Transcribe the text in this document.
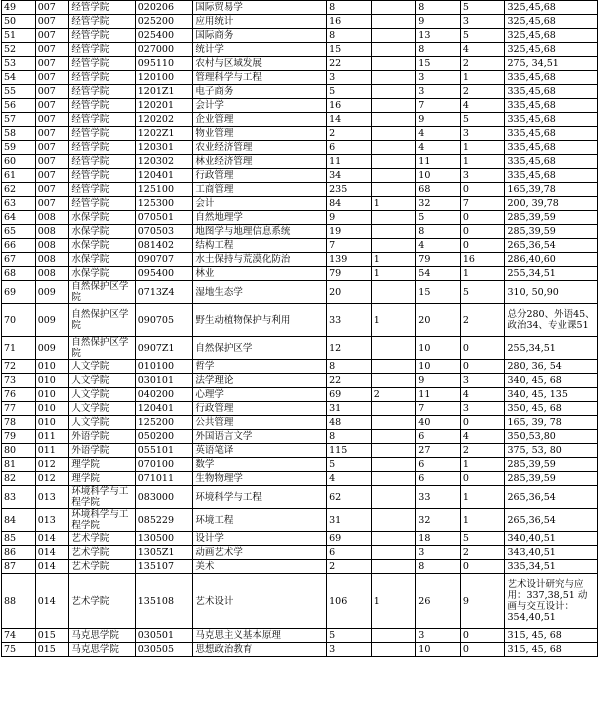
49	007	经管学院	020206	国际贸易学	8		8	5	325,45,68
50	007	经管学院	025200	应用统计	16		9	3	325,45,68
51	007	经管学院	025400	国际商务	8		13	5	325,45,68
52	007	经管学院	027000	统计学	15		8	4	325,45,68
53	007	经管学院	095110	农村与区域发展	22		15	2	275, 34,51
54	007	经管学院	120100	管理科学与工程	3		3	1	335,45,68
55	007	经管学院	1201Z1	电子商务	5		3	2	335,45,68
56	007	经管学院	120201	会计学	16		7	4	335,45,68
57	007	经管学院	120202	企业管理	14		9	5	335,45,68
58	007	经管学院	1202Z1	物业管理	2		4	3	335,45,68
59	007	经管学院	120301	农业经济管理	6		4	1	335,45,68
60	007	经管学院	120302	林业经济管理	11		11	1	335,45,68
61	007	经管学院	120401	行政管理	34		10	3	335,45,68
62	007	经管学院	125100	工商管理	235		68	0	165,39,78
63	007	经管学院	125300	会计	84	1	32	7	200, 39,78
64	008	水保学院	070501	自然地理学	9		5	0	285,39,59
65	008	水保学院	070503	地图学与地理信息系统	19		8	0	285,39,59
66	008	水保学院	081402	结构工程	7		4	0	265,36,54
67	008	水保学院	090707	水土保持与荒漠化防治	139	1	79	16	286,40,60
68	008	水保学院	095400	林业	79	1	54	1	255,34,51
69	009	自然保护区学院	0713Z4	湿地生态学	20		15	5	310, 50,90
70	009	自然保护区学院	090705	野生动植物保护与利用	33	1	20	2	总分280、外语45、政治34、专业课51
71	009	自然保护区学院	0907Z1	自然保护区学	12		10	0	255,34,51
72	010	人文学院	010100	哲学	8		10	0	280, 36, 54
73	010	人文学院	030101	法学理论	22		9	3	340, 45, 68
76	010	人文学院	040200	心理学	69	2	11	4	340, 45, 135
77	010	人文学院	120401	行政管理	31		7	3	350, 45, 68
78	010	人文学院	125200	公共管理	48		40	0	165, 39, 78
79	011	外语学院	050200	外国语言文学	8		6	4	350,53,80
80	011	外语学院	055101	英语笔译	115		27	2	375, 53, 80
81	012	理学院	070100	数学	5		6	1	285,39,59
82	012	理学院	071011	生物物理学	4		6	0	285,39,59
83	013	环境科学与工程学院	083000	环境科学与工程	62		33	1	265,36,54
84	013	环境科学与工程学院	085229	环境工程	31		32	1	265,36,54
85	014	艺术学院	130500	设计学	69		18	5	340,40,51
86	014	艺术学院	1305Z1	动画艺术学	6		3	2	343,40,51
87	014	艺术学院	135107	美术	2		8	0	335,34,51
88	014	艺术学院	135108	艺术设计	106	1	26	9	艺术设计研究与应用：337,38,51 动画与交互设计：354,40,51
74	015	马克思学院	030501	马克思主义基本原理	5		3	0	315, 45, 68
75	015	马克思学院	030505	思想政治教育	3		10	0	315, 45, 68
